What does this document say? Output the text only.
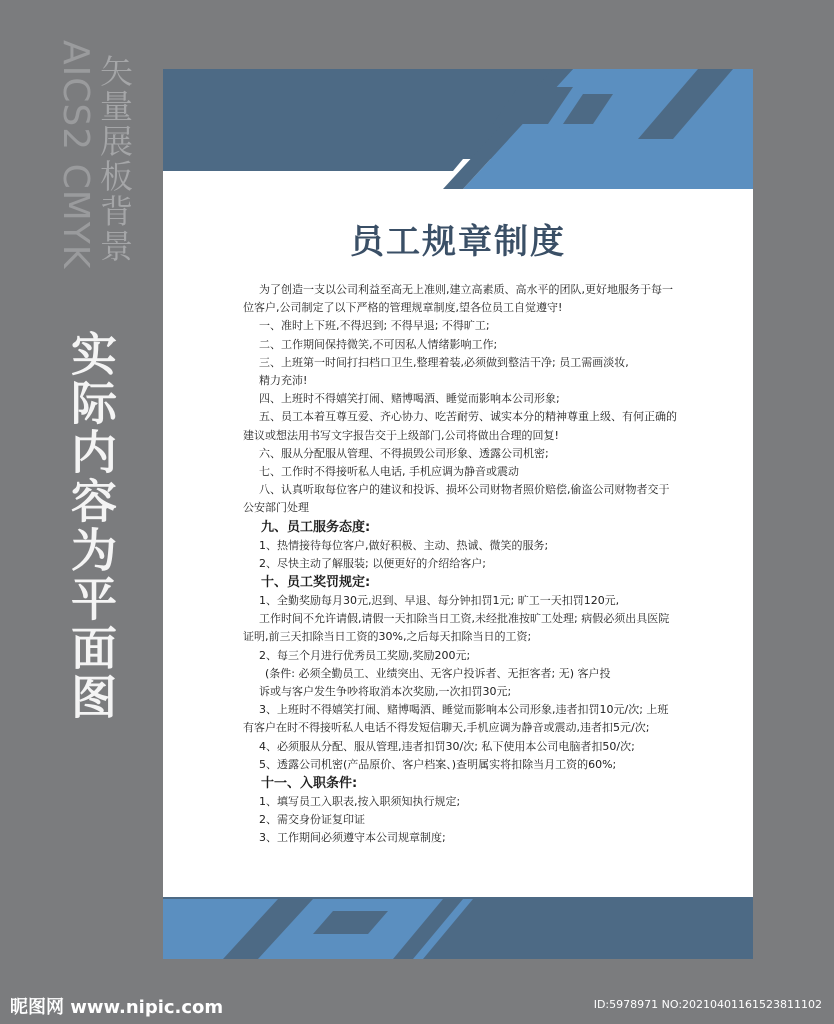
AICS2 CMYK 矢量展板背景
实际内容为平面图
员工规章制度
为了创造一支以公司利益至高无上准则,建立高素质、高水平的团队,更好地服务于每一
位客户,公司制定了以下严格的管理规章制度,望各位员工自觉遵守!
一、准时上下班,不得迟到; 不得早退; 不得旷工;
二、工作期间保持微笑,不可因私人情绪影响工作;
三、上班第一时间打扫档口卫生,整理着装,必须做到整洁干净; 员工需画淡妆,
精力充沛!
四、上班时不得嬉笑打闹、赌博喝酒、睡觉而影响本公司形象;
五、员工本着互尊互爱、齐心协力、吃苦耐劳、诚实本分的精神尊重上级、有何正确的
建议或想法用书写文字报告交于上级部门,公司将做出合理的回复!
六、服从分配服从管理、不得损毁公司形象、透露公司机密;
七、工作时不得接听私人电话, 手机应调为静音或震动
八、认真听取每位客户的建议和投诉、损坏公司财物者照价赔偿,偷盗公司财物者交于
公安部门处理
九、员工服务态度:
1、热情接待每位客户,做好积极、主动、热诚、微笑的服务;
2、尽快主动了解服装; 以便更好的介绍给客户;
十、员工奖罚规定:
1、全勤奖励每月30元,迟到、早退、每分钟扣罚1元; 旷工一天扣罚120元,
工作时间不允许请假,请假一天扣除当日工资,未经批准按旷工处理; 病假必须出具医院
证明,前三天扣除当日工资的30%,之后每天扣除当日的工资;
2、每三个月进行优秀员工奖励,奖励200元;
(条件: 必须全勤员工、业绩突出、无客户投诉者、无拒客者; 无) 客户投
诉或与客户发生争吵将取消本次奖励,一次扣罚30元;
3、上班时不得嬉笑打闹、赌博喝酒、睡觉而影响本公司形象,违者扣罚10元/次; 上班
有客户在时不得接听私人电话不得发短信聊天,手机应调为静音或震动,违者扣5元/次;
4、必须服从分配、服从管理,违者扣罚30/次; 私下使用本公司电脑者扣50/次;
5、透露公司机密(产品原价、客户档案、)查明属实将扣除当月工资的60%;
十一、入职条件:
1、填写员工入职表,按入职须知执行规定;
2、需交身份证复印证
3、工作期间必须遵守本公司规章制度;
昵图网 www.nipic.com	ID:5978971 NO:20210401161523811102
